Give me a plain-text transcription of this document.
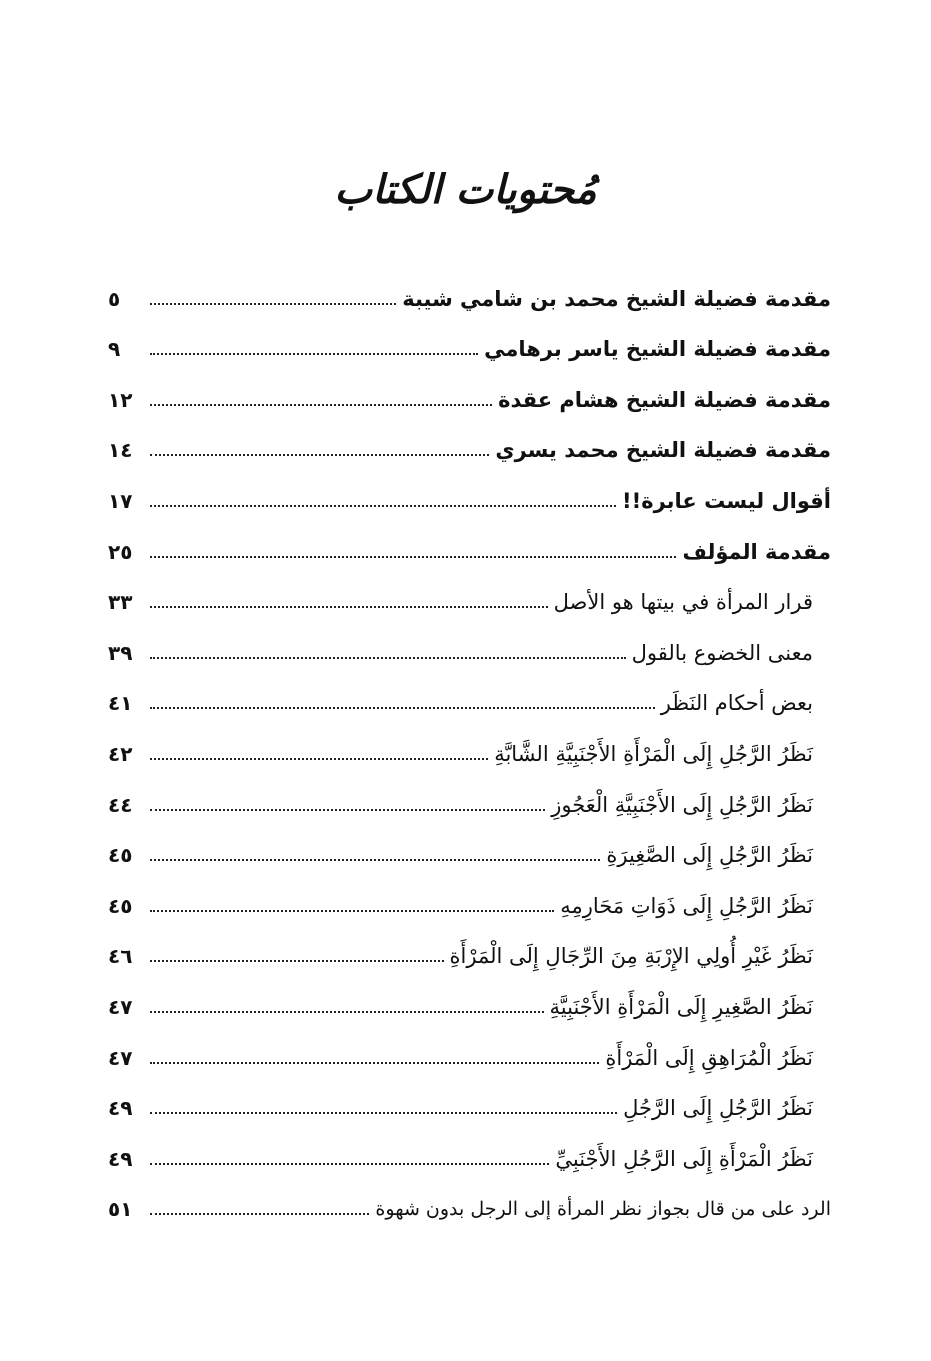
مُحتويات الكتاب
مقدمة فضيلة الشيخ محمد بن شامي شيبة
٥
مقدمة فضيلة الشيخ ياسر برهامي
٩
مقدمة فضيلة الشيخ هشام عقدة
١٢
مقدمة فضيلة الشيخ محمد يسري
١٤
أقوال ليست عابرة!!
١٧
مقدمة المؤلف
٢٥
قرار المرأة في بيتها هو الأصل
٣٣
معنى الخضوع بالقول
٣٩
بعض أحكام النَظَر
٤١
نَظَرُ الرَّجُلِ إِلَى الْمَرْأَةِ الأَجْنَبِيَّةِ الشَّابَّةِ
٤٢
نَظَرُ الرَّجُلِ إِلَى الأَجْنَبِيَّةِ الْعَجُوزِ
٤٤
نَظَرُ الرَّجُلِ إِلَى الصَّغِيرَةِ
٤٥
نَظَرُ الرَّجُلِ إِلَى ذَوَاتِ مَحَارِمِهِ
٤٥
نَظَرُ غَيْرِ أُولِي الإِرْبَةِ مِنَ الرِّجَالِ إِلَى الْمَرْأَةِ
٤٦
نَظَرُ الصَّغِيرِ إِلَى الْمَرْأَةِ الأَجْنَبِيَّةِ
٤٧
نَظَرُ الْمُرَاهِقِ إِلَى الْمَرْأَةِ
٤٧
نَظَرُ الرَّجُلِ إِلَى الرَّجُلِ
٤٩
نَظَرُ الْمَرْأَةِ إِلَى الرَّجُلِ الأَجْنَبِيِّ
٤٩
الرد على من قال بجواز نظر المرأة إلى الرجل بدون شهوة
٥١
